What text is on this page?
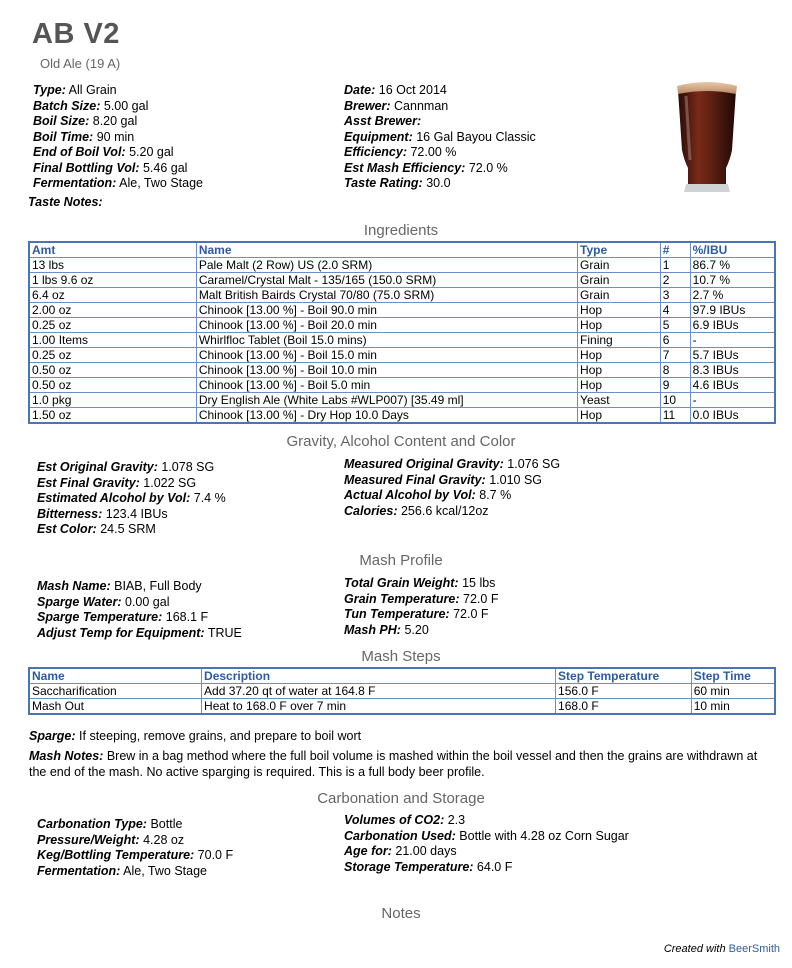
AB V2
Old Ale (19 A)
Type: All Grain
Batch Size: 5.00 gal
Boil Size: 8.20 gal
Boil Time: 90 min
End of Boil Vol: 5.20 gal
Final Bottling Vol: 5.46 gal
Fermentation: Ale, Two Stage
Date: 16 Oct 2014
Brewer: Cannman
Asst Brewer:
Equipment: 16 Gal Bayou Classic
Efficiency: 72.00 %
Est Mash Efficiency: 72.0 %
Taste Rating: 30.0
Taste Notes:
Ingredients
Amt	Name	Type	#	%/IBU
13 lbs	Pale Malt (2 Row) US (2.0 SRM)	Grain	1	86.7 %
1 lbs 9.6 oz	Caramel/Crystal Malt - 135/165 (150.0 SRM)	Grain	2	10.7 %
6.4 oz	Malt British Bairds Crystal 70/80 (75.0 SRM)	Grain	3	2.7 %
2.00 oz	Chinook [13.00 %] - Boil 90.0 min	Hop	4	97.9 IBUs
0.25 oz	Chinook [13.00 %] - Boil 20.0 min	Hop	5	6.9 IBUs
1.00 Items	Whirlfloc Tablet (Boil 15.0 mins)	Fining	6	-
0.25 oz	Chinook [13.00 %] - Boil 15.0 min	Hop	7	5.7 IBUs
0.50 oz	Chinook [13.00 %] - Boil 10.0 min	Hop	8	8.3 IBUs
0.50 oz	Chinook [13.00 %] - Boil 5.0 min	Hop	9	4.6 IBUs
1.0 pkg	Dry English Ale (White Labs #WLP007) [35.49 ml]	Yeast	10	-
1.50 oz	Chinook [13.00 %] - Dry Hop 10.0 Days	Hop	11	0.0 IBUs
Gravity, Alcohol Content and Color
Est Original Gravity: 1.078 SG
Est Final Gravity: 1.022 SG
Estimated Alcohol by Vol: 7.4 %
Bitterness: 123.4 IBUs
Est Color: 24.5 SRM
Measured Original Gravity: 1.076 SG
Measured Final Gravity: 1.010 SG
Actual Alcohol by Vol: 8.7 %
Calories: 256.6 kcal/12oz
Mash Profile
Mash Name: BIAB, Full Body
Sparge Water: 0.00 gal
Sparge Temperature: 168.1 F
Adjust Temp for Equipment: TRUE
Total Grain Weight: 15 lbs
Grain Temperature: 72.0 F
Tun Temperature: 72.0 F
Mash PH: 5.20
Mash Steps
Name	Description	Step Temperature	Step Time
Saccharification	Add 37.20 qt of water at 164.8 F	156.0 F	60 min
Mash Out	Heat to 168.0 F over 7 min	168.0 F	10 min
Sparge: If steeping, remove grains, and prepare to boil wort
Mash Notes: Brew in a bag method where the full boil volume is mashed within the boil vessel and then the grains are withdrawn at the end of the mash. No active sparging is required. This is a full body beer profile.
Carbonation and Storage
Carbonation Type: Bottle
Pressure/Weight: 4.28 oz
Keg/Bottling Temperature: 70.0 F
Fermentation: Ale, Two Stage
Volumes of CO2: 2.3
Carbonation Used: Bottle with 4.28 oz Corn Sugar
Age for: 21.00 days
Storage Temperature: 64.0 F
Notes
Created with BeerSmith
